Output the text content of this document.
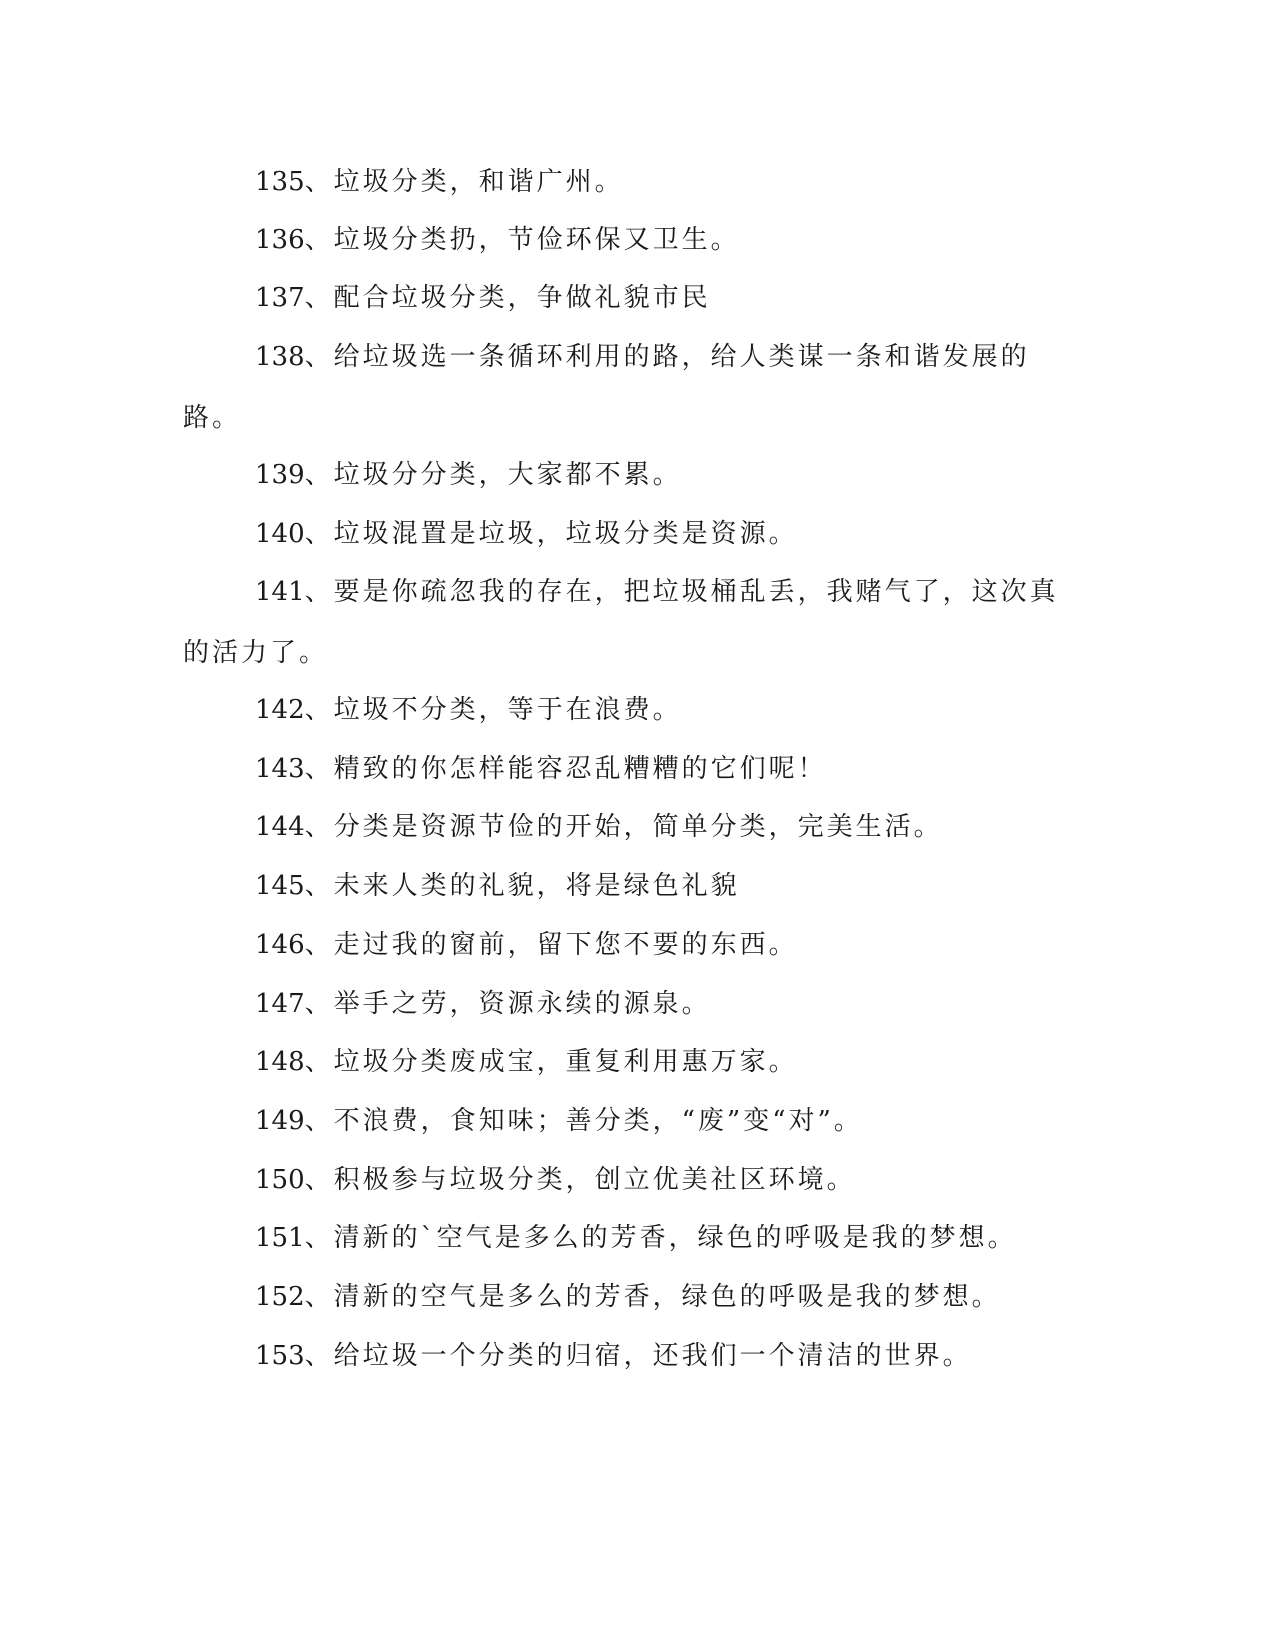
135、垃圾分类，和谐广州。

136、垃圾分类扔，节俭环保又卫生。

137、配合垃圾分类，争做礼貌市民

138、给垃圾选一条循环利用的路，给人类谋一条和谐发展的路。

139、垃圾分分类，大家都不累。

140、垃圾混置是垃圾，垃圾分类是资源。

141、要是你疏忽我的存在，把垃圾桶乱丢，我赌气了，这次真的活力了。

142、垃圾不分类，等于在浪费。

143、精致的你怎样能容忍乱糟糟的它们呢！

144、分类是资源节俭的开始，简单分类，完美生活。

145、未来人类的礼貌，将是绿色礼貌

146、走过我的窗前，留下您不要的东西。

147、举手之劳，资源永续的源泉。

148、垃圾分类废成宝，重复利用惠万家。

149、不浪费，食知味；善分类，“废”变“对”。

150、积极参与垃圾分类，创立优美社区环境。

151、清新的`空气是多么的芳香，绿色的呼吸是我的梦想。

152、清新的空气是多么的芳香，绿色的呼吸是我的梦想。

153、给垃圾一个分类的归宿，还我们一个清洁的世界。
